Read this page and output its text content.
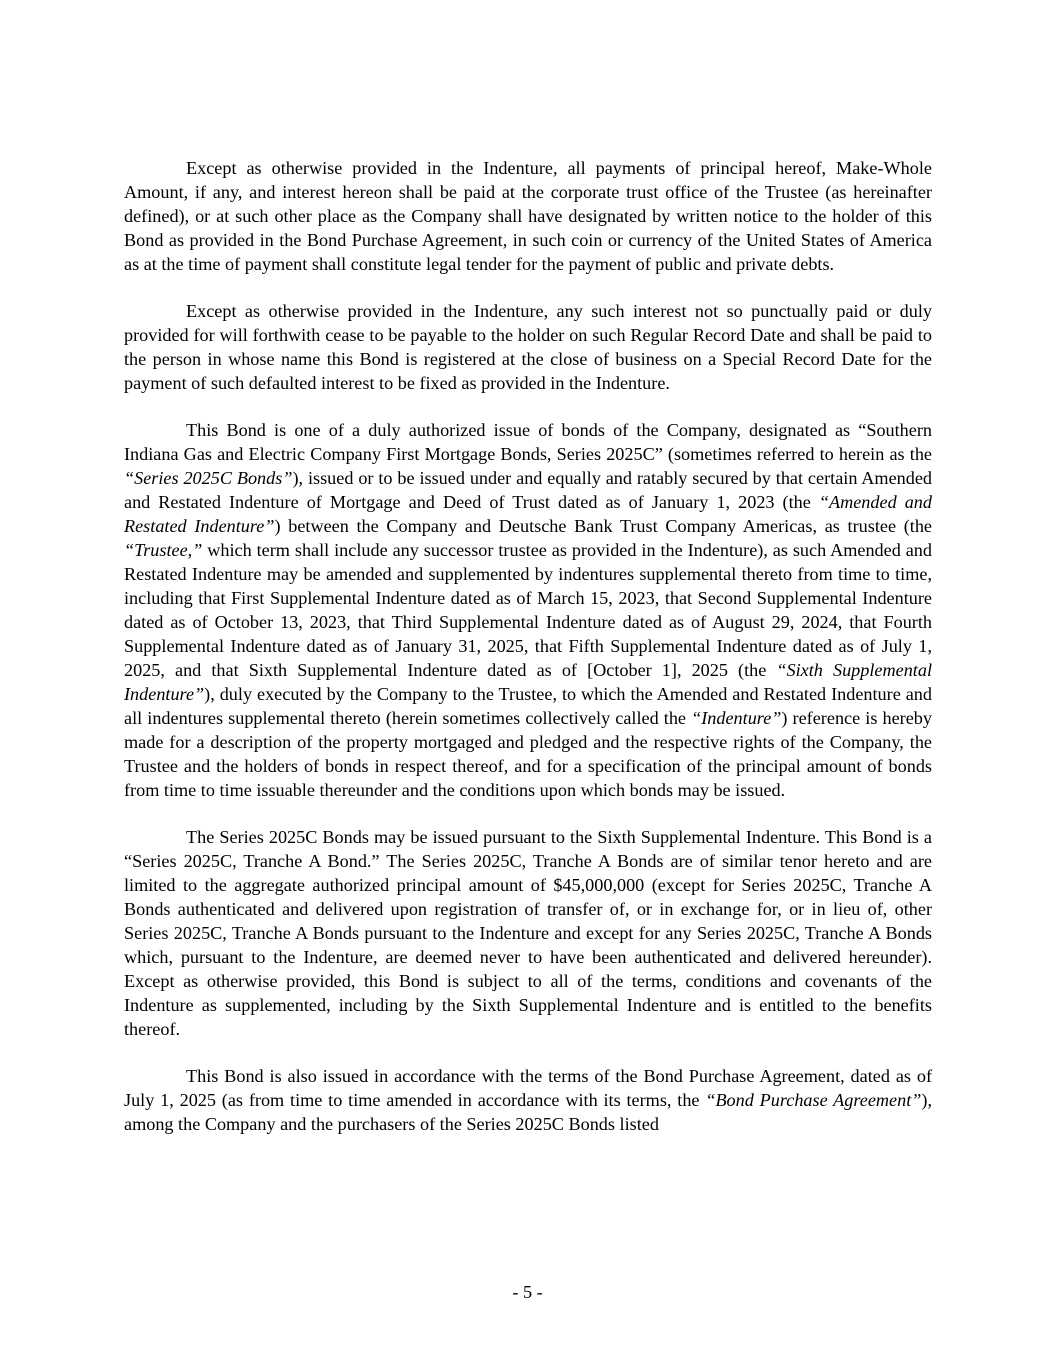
Except as otherwise provided in the Indenture, all payments of principal hereof, Make-Whole Amount, if any, and interest hereon shall be paid at the corporate trust office of the Trustee (as hereinafter defined), or at such other place as the Company shall have designated by written notice to the holder of this Bond as provided in the Bond Purchase Agreement, in such coin or currency of the United States of America as at the time of payment shall constitute legal tender for the payment of public and private debts.

Except as otherwise provided in the Indenture, any such interest not so punctually paid or duly provided for will forthwith cease to be payable to the holder on such Regular Record Date and shall be paid to the person in whose name this Bond is registered at the close of business on a Special Record Date for the payment of such defaulted interest to be fixed as provided in the Indenture.

This Bond is one of a duly authorized issue of bonds of the Company, designated as “Southern Indiana Gas and Electric Company First Mortgage Bonds, Series 2025C” (sometimes referred to herein as the “Series 2025C Bonds”), issued or to be issued under and equally and ratably secured by that certain Amended and Restated Indenture of Mortgage and Deed of Trust dated as of January 1, 2023 (the “Amended and Restated Indenture”) between the Company and Deutsche Bank Trust Company Americas, as trustee (the “Trustee,” which term shall include any successor trustee as provided in the Indenture), as such Amended and Restated Indenture may be amended and supplemented by indentures supplemental thereto from time to time, including that First Supplemental Indenture dated as of March 15, 2023, that Second Supplemental Indenture dated as of October 13, 2023, that Third Supplemental Indenture dated as of August 29, 2024, that Fourth Supplemental Indenture dated as of January 31, 2025, that Fifth Supplemental Indenture dated as of July 1, 2025, and that Sixth Supplemental Indenture dated as of [October 1], 2025 (the “Sixth Supplemental Indenture”), duly executed by the Company to the Trustee, to which the Amended and Restated Indenture and all indentures supplemental thereto (herein sometimes collectively called the “Indenture”) reference is hereby made for a description of the property mortgaged and pledged and the respective rights of the Company, the Trustee and the holders of bonds in respect thereof, and for a specification of the principal amount of bonds from time to time issuable thereunder and the conditions upon which bonds may be issued.

The Series 2025C Bonds may be issued pursuant to the Sixth Supplemental Indenture. This Bond is a “Series 2025C, Tranche A Bond.” The Series 2025C, Tranche A Bonds are of similar tenor hereto and are limited to the aggregate authorized principal amount of $45,000,000 (except for Series 2025C, Tranche A Bonds authenticated and delivered upon registration of transfer of, or in exchange for, or in lieu of, other Series 2025C, Tranche A Bonds pursuant to the Indenture and except for any Series 2025C, Tranche A Bonds which, pursuant to the Indenture, are deemed never to have been authenticated and delivered hereunder). Except as otherwise provided, this Bond is subject to all of the terms, conditions and covenants of the Indenture as supplemented, including by the Sixth Supplemental Indenture and is entitled to the benefits thereof.

This Bond is also issued in accordance with the terms of the Bond Purchase Agreement, dated as of July 1, 2025 (as from time to time amended in accordance with its terms, the “Bond Purchase Agreement”), among the Company and the purchasers of the Series 2025C Bonds listed

- 5 -
